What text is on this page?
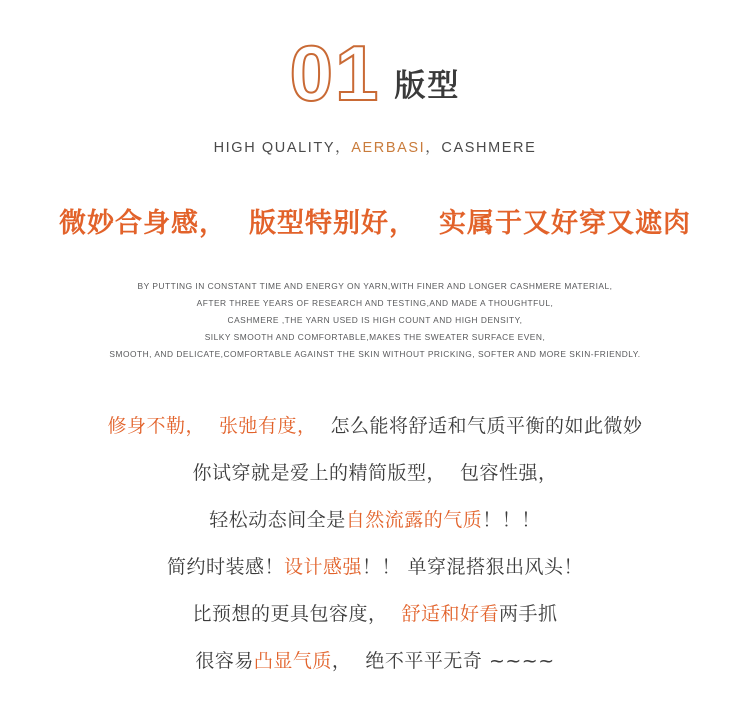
01 版型
HIGH QUALITY，AERBASI，CASHMERE
微妙合身感， 版型特别好， 实属于又好穿又遮肉
BY PUTTING IN CONSTANT TIME AND ENERGY ON YARN,WITH FINER AND LONGER CASHMERE MATERIAL,
AFTER THREE YEARS OF RESEARCH AND TESTING,AND MADE A THOUGHTFUL,
CASHMERE ,THE YARN USED IS HIGH COUNT AND HIGH DENSITY,
SILKY SMOOTH AND COMFORTABLE,MAKES THE SWEATER SURFACE EVEN,
SMOOTH, AND DELICATE,COMFORTABLE AGAINST THE SKIN WITHOUT PRICKING, SOFTER AND MORE SKIN-FRIENDLY.
修身不勒， 张弛有度， 怎么能将舒适和气质平衡的如此微妙
你试穿就是爱上的精简版型， 包容性强，
轻松动态间全是自然流露的气质！！！
简约时装感！设计感强！！ 单穿混搭狠出风头！
比预想的更具包容度， 舒适和好看两手抓
很容易凸显气质， 绝不平平无奇 ~~~~
